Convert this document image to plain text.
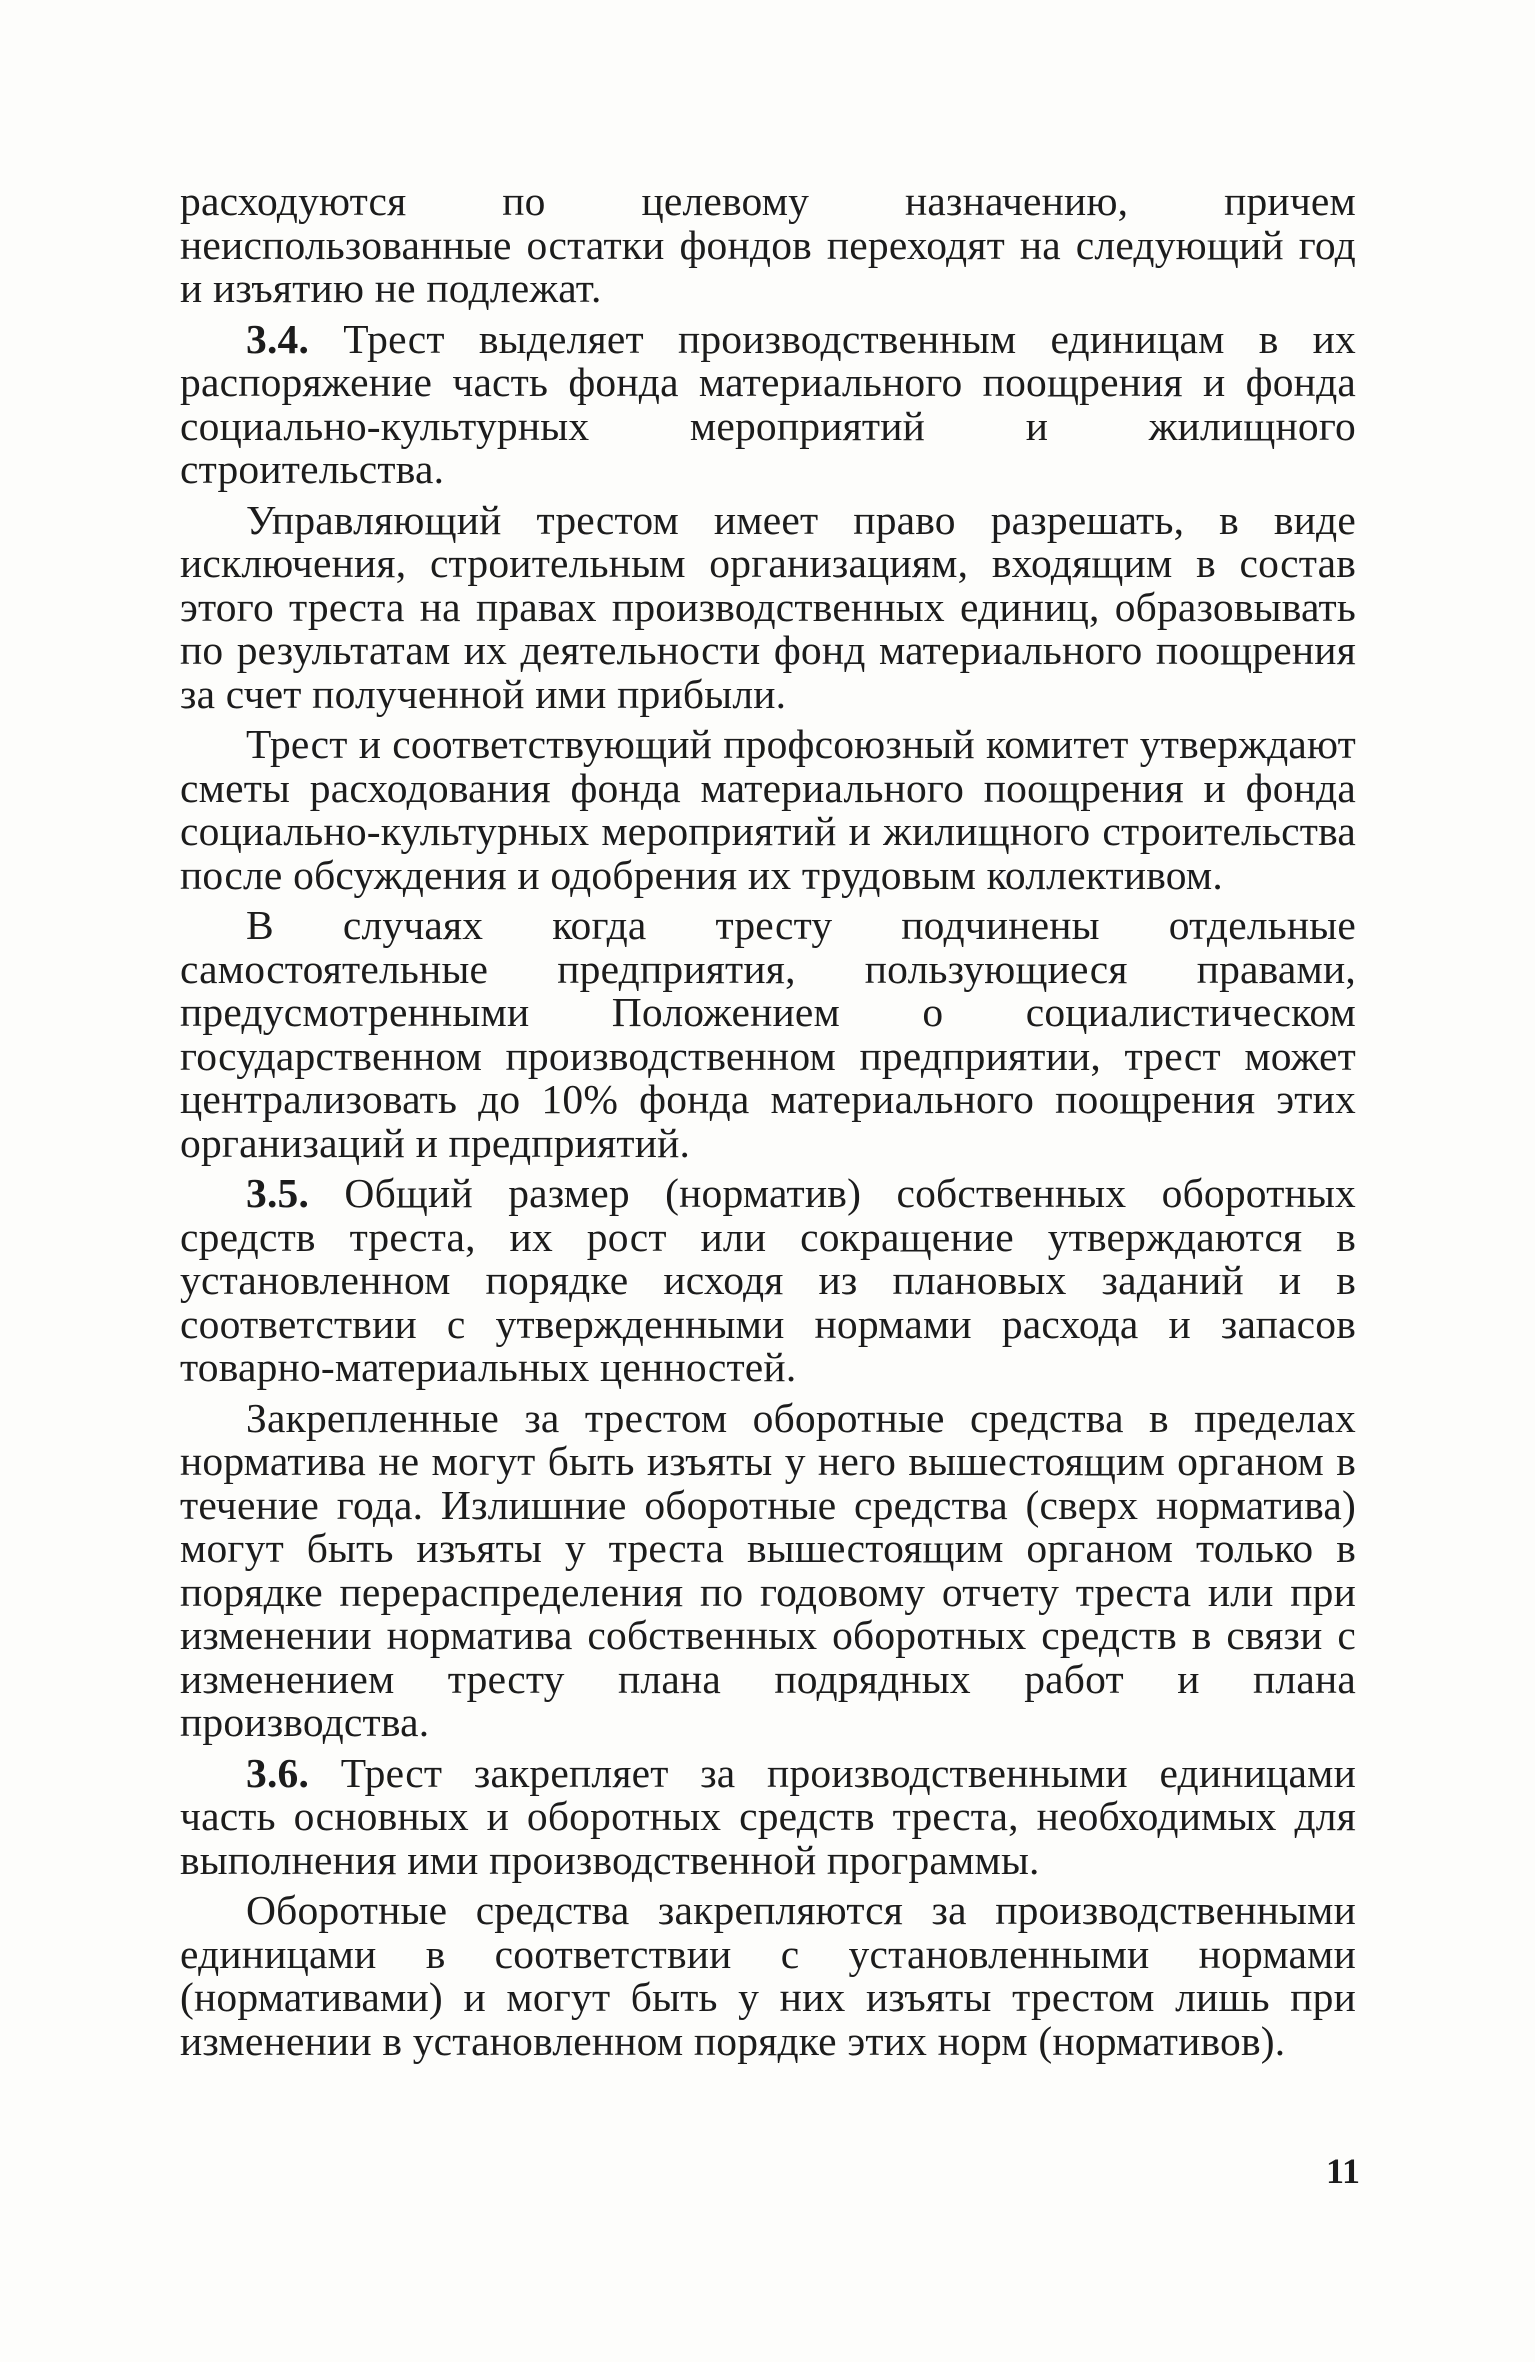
расходуются по целевому назначению, причем неиспользованные остатки фондов переходят на следующий год и изъятию не подлежат.

3.4. Трест выделяет производственным единицам в их распоряжение часть фонда материального поощрения и фонда социально-культурных мероприятий и жилищного строительства.

Управляющий трестом имеет право разрешать, в виде исключения, строительным организациям, входящим в состав этого треста на правах производственных единиц, образовывать по результатам их деятельности фонд материального поощрения за счет полученной ими прибыли.

Трест и соответствующий профсоюзный комитет утверждают сметы расходования фонда материального поощрения и фонда социально-культурных мероприятий и жилищного строительства после обсуждения и одобрения их трудовым коллективом.

В случаях когда тресту подчинены отдельные самостоятельные предприятия, пользующиеся правами, предусмотренными Положением о социалистическом государственном производственном предприятии, трест может централизовать до 10% фонда материального поощрения этих организаций и предприятий.

3.5. Общий размер (норматив) собственных оборотных средств треста, их рост или сокращение утверждаются в установленном порядке исходя из плановых заданий и в соответствии с утвержденными нормами расхода и запасов товарно-материальных ценностей.

Закрепленные за трестом оборотные средства в пределах норматива не могут быть изъяты у него вышестоящим органом в течение года. Излишние оборотные средства (сверх норматива) могут быть изъяты у треста вышестоящим органом только в порядке перераспределения по годовому отчету треста или при изменении норматива собственных оборотных средств в связи с изменением тресту плана подрядных работ и плана производства.

3.6. Трест закрепляет за производственными единицами часть основных и оборотных средств треста, необходимых для выполнения ими производственной программы.

Оборотные средства закрепляются за производственными единицами в соответствии с установленными нормами (нормативами) и могут быть у них изъяты трестом лишь при изменении в установленном порядке этих норм (нормативов).

11
